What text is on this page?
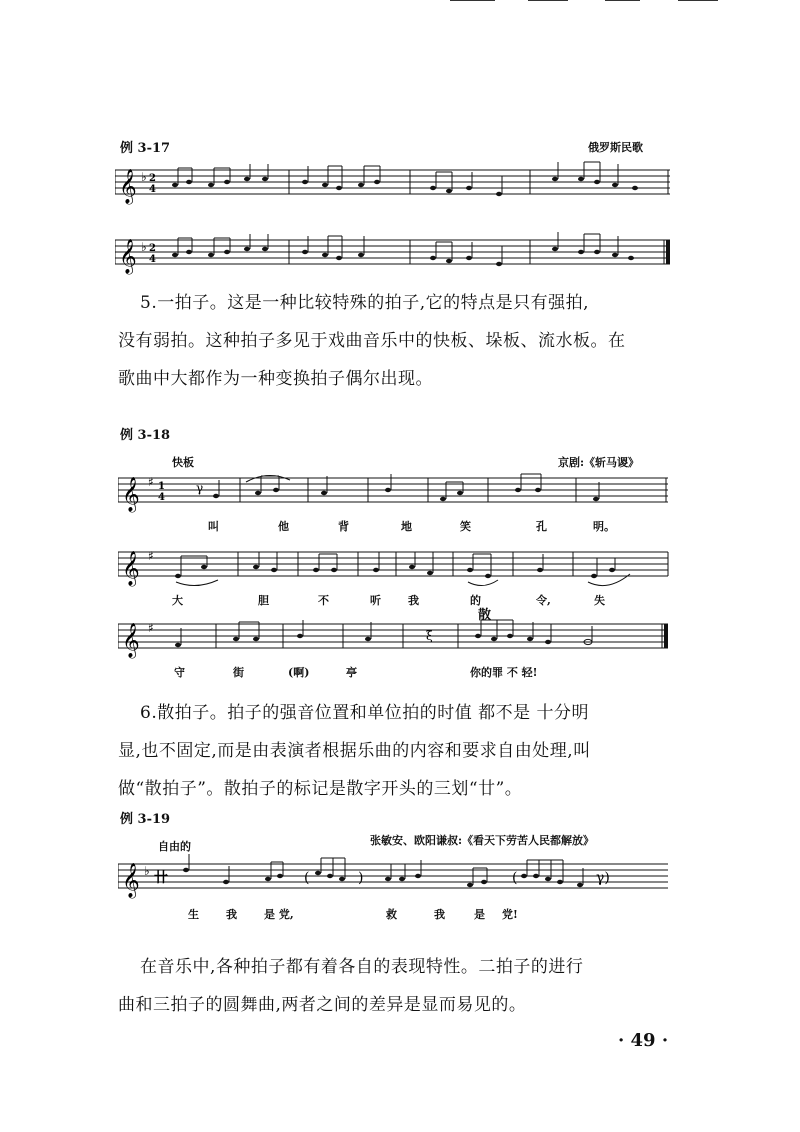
例 3-17	俄罗斯民歌
𝄞 ♭ 2
4
𝄞 ♭ 2
4
5.一拍子。这是一种比较特殊的拍子,它的特点是只有强拍,
没有弱拍。这种拍子多见于戏曲音乐中的快板、垛板、流水板。在
歌曲中大都作为一种变换拍子偶尔出现。
例 3-18
快板	京剧:《斩马谡》
𝄞 ♯ 1
4
γ
叫	他	背	地	笑	孔	明。
𝄞 ♯
大	胆	不	听 我	的	令,	失
散
𝄞 ♯
ξ
守	街	(啊)	亭	你的罪 不 轻!
6.散拍子。拍子的强音位置和单位拍的时值 都不是 十分明
显,也不固定,而是由表演者根据乐曲的内容和要求自由处理,叫
做“散拍子”。散拍子的标记是散字开头的三划“廿”。
例 3-19
自由的	张敏安、欧阳谦叔:《看天下劳苦人民都解放》
𝄞 ♭ 卄	(	)	(	γ)
生 我 是 党,	救	我	是 党!
在音乐中,各种拍子都有着各自的表现特性。二拍子的进行
曲和三拍子的圆舞曲,两者之间的差异是显而易见的。
· 49 ·
